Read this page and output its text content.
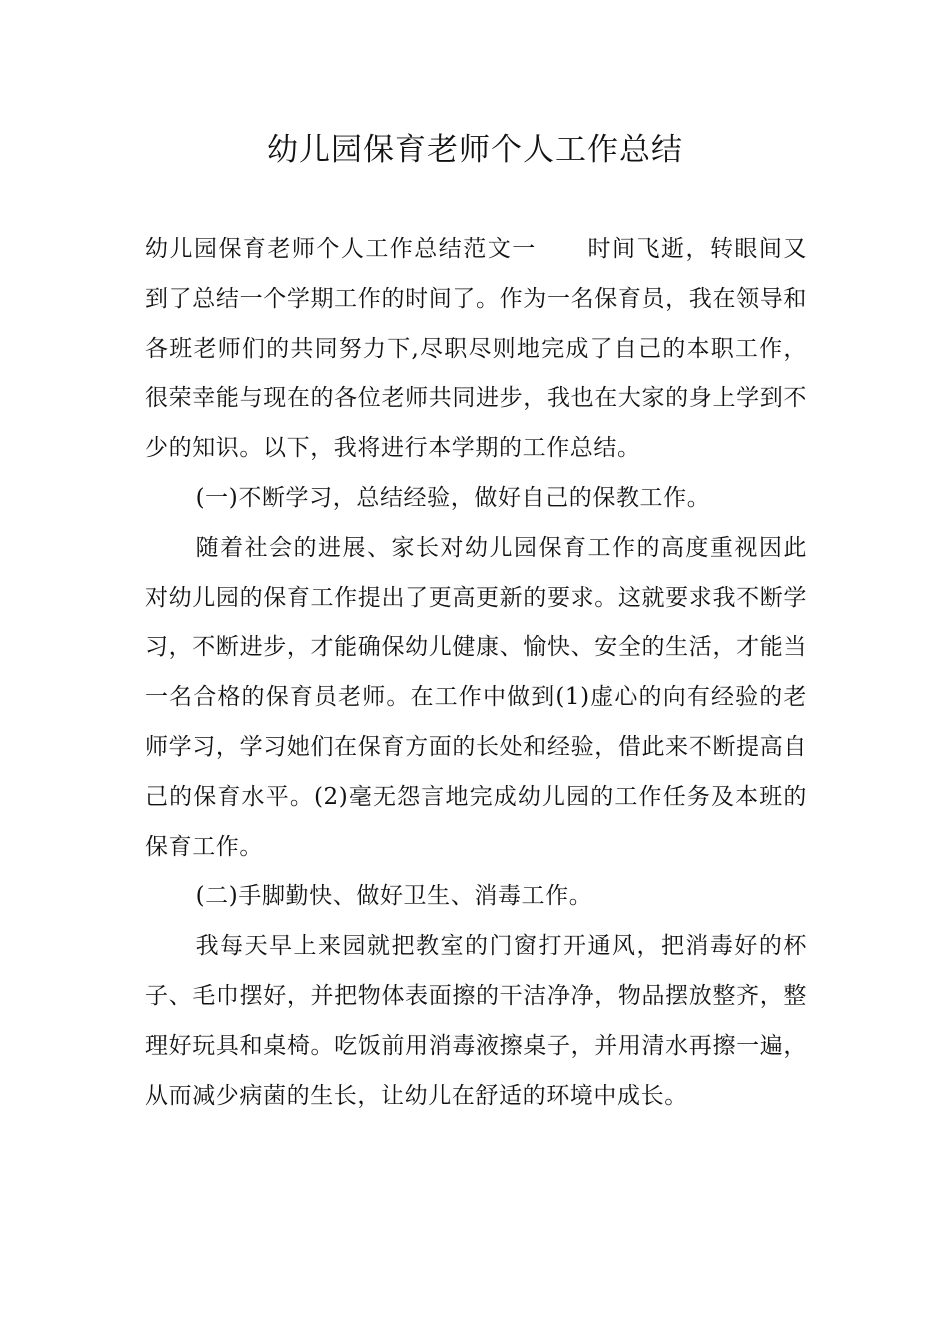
幼儿园保育老师个人工作总结

幼儿园保育老师个人工作总结范文一 时间飞逝，转眼间又到了总结一个学期工作的时间了。作为一名保育员，我在领导和各班老师们的共同努力下,尽职尽则地完成了自己的本职工作，很荣幸能与现在的各位老师共同进步，我也在大家的身上学到不少的知识。以下，我将进行本学期的工作总结。

(一)不断学习，总结经验，做好自己的保教工作。

随着社会的进展、家长对幼儿园保育工作的高度重视因此对幼儿园的保育工作提出了更高更新的要求。这就要求我不断学习，不断进步，才能确保幼儿健康、愉快、安全的生活，才能当一名合格的保育员老师。在工作中做到(1)虚心的向有经验的老师学习，学习她们在保育方面的长处和经验，借此来不断提高自己的保育水平。(2)毫无怨言地完成幼儿园的工作任务及本班的保育工作。

(二)手脚勤快、做好卫生、消毒工作。

我每天早上来园就把教室的门窗打开通风，把消毒好的杯子、毛巾摆好，并把物体表面擦的干洁净净，物品摆放整齐，整理好玩具和桌椅。吃饭前用消毒液擦桌子，并用清水再擦一遍，从而减少病菌的生长，让幼儿在舒适的环境中成长。
